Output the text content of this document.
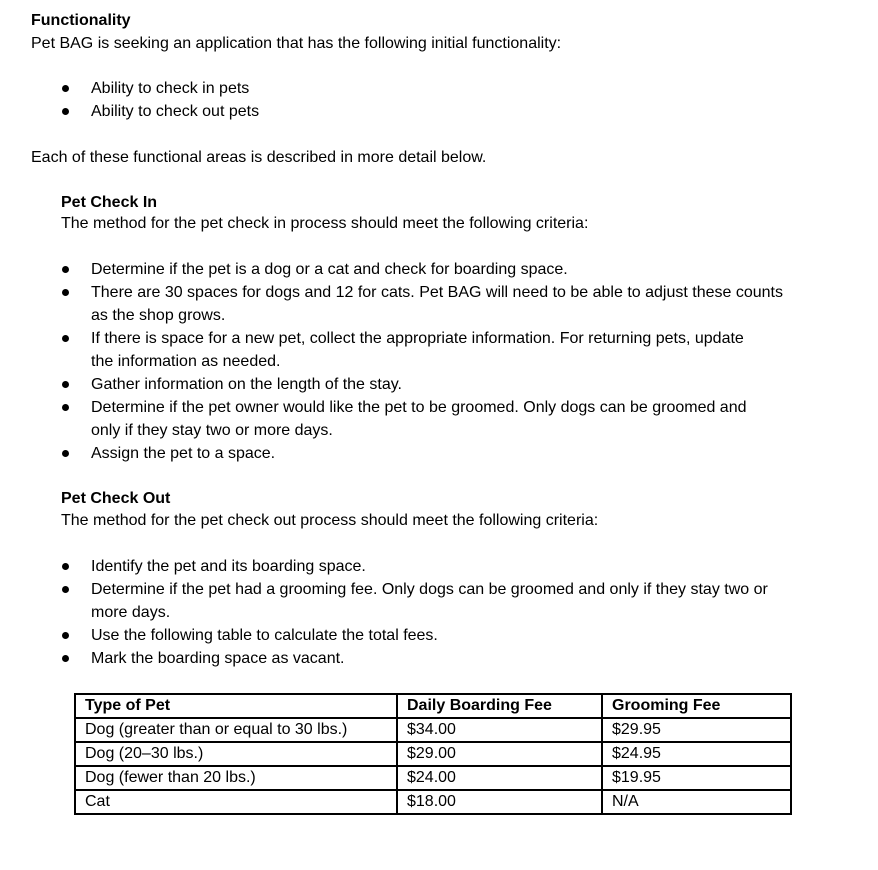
Functionality
Pet BAG is seeking an application that has the following initial functionality:
Ability to check in pets
Ability to check out pets
Each of these functional areas is described in more detail below.
Pet Check In
The method for the pet check in process should meet the following criteria:
Determine if the pet is a dog or a cat and check for boarding space.
There are 30 spaces for dogs and 12 for cats. Pet BAG will need to be able to adjust these counts
as the shop grows.
If there is space for a new pet, collect the appropriate information. For returning pets, update
the information as needed.
Gather information on the length of the stay.
Determine if the pet owner would like the pet to be groomed. Only dogs can be groomed and
only if they stay two or more days.
Assign the pet to a space.
Pet Check Out
The method for the pet check out process should meet the following criteria:
Identify the pet and its boarding space.
Determine if the pet had a grooming fee. Only dogs can be groomed and only if they stay two or
more days.
Use the following table to calculate the total fees.
Mark the boarding space as vacant.
Type of Pet	Daily Boarding Fee	Grooming Fee
Dog (greater than or equal to 30 lbs.)	$34.00	$29.95
Dog (20–30 lbs.)	$29.00	$24.95
Dog (fewer than 20 lbs.)	$24.00	$19.95
Cat	$18.00	N/A
